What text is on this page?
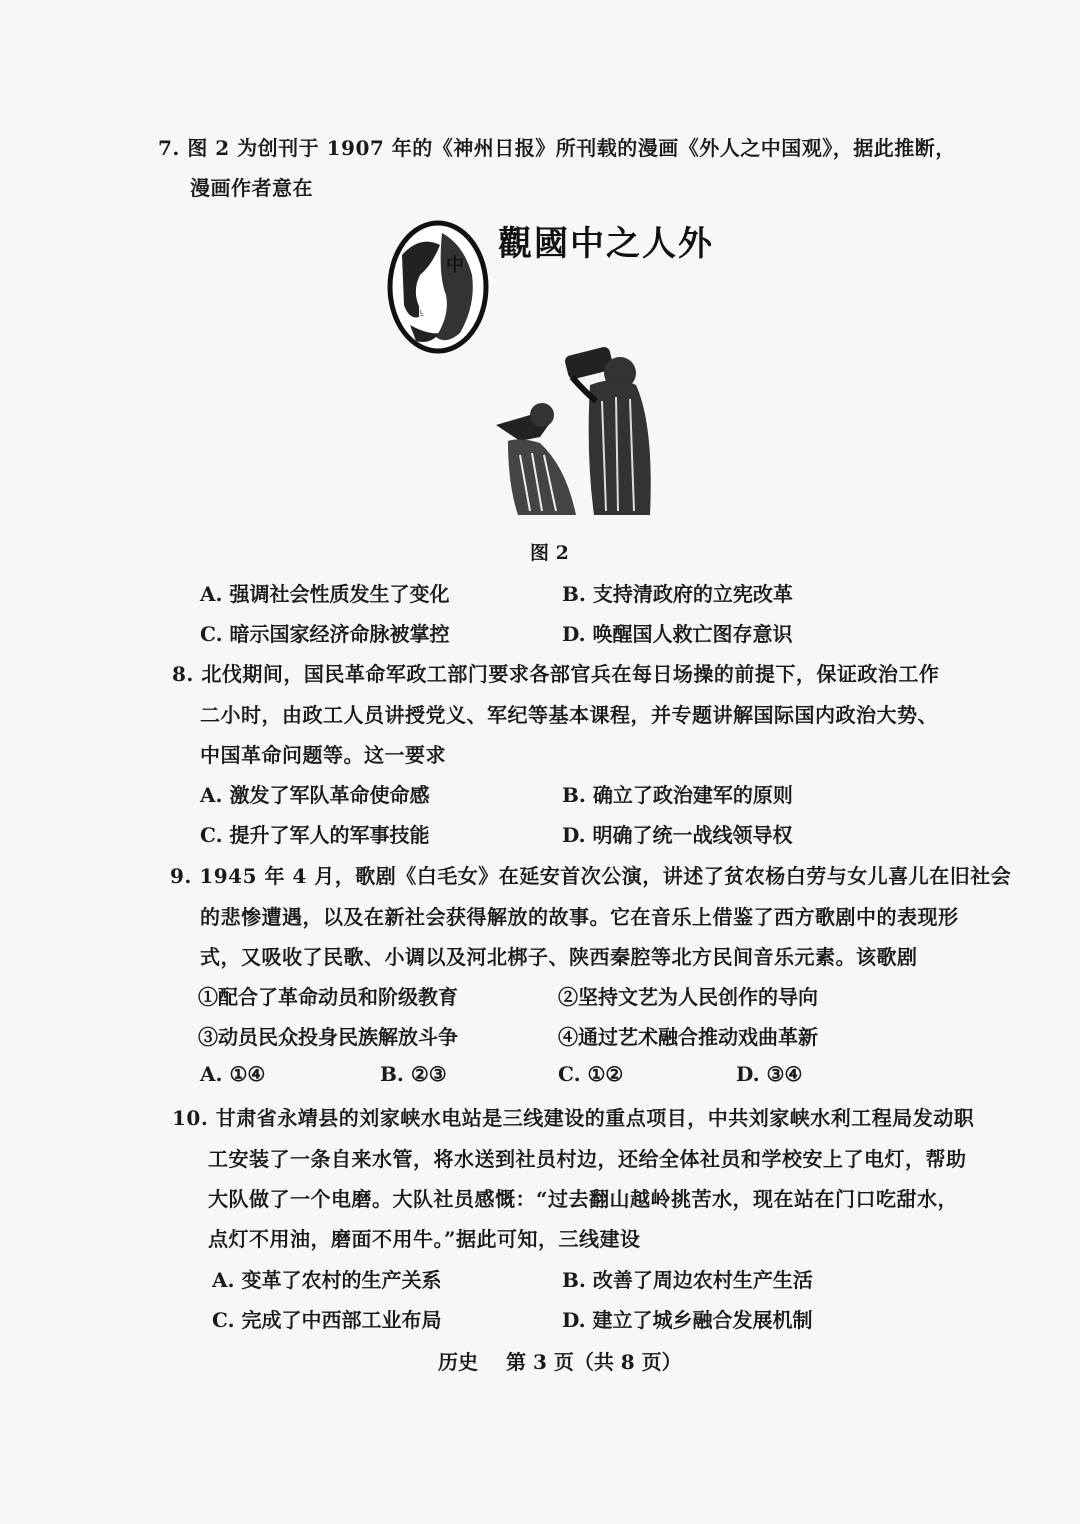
7. 图 2 为创刊于 1907 年的《神州日报》所刊载的漫画《外人之中国观》，据此推断，
漫画作者意在
中
國
觀國中之人外
图 2
A. 强调社会性质发生了变化	B. 支持清政府的立宪改革
C. 暗示国家经济命脉被掌控	D. 唤醒国人救亡图存意识
8. 北伐期间，国民革命军政工部门要求各部官兵在每日场操的前提下，保证政治工作
二小时，由政工人员讲授党义、军纪等基本课程，并专题讲解国际国内政治大势、
中国革命问题等。这一要求
A. 激发了军队革命使命感	B. 确立了政治建军的原则
C. 提升了军人的军事技能	D. 明确了统一战线领导权
9. 1945 年 4 月，歌剧《白毛女》在延安首次公演，讲述了贫农杨白劳与女儿喜儿在旧社会
的悲惨遭遇，以及在新社会获得解放的故事。它在音乐上借鉴了西方歌剧中的表现形
式，又吸收了民歌、小调以及河北梆子、陕西秦腔等北方民间音乐元素。该歌剧
①配合了革命动员和阶级教育	②坚持文艺为人民创作的导向
③动员民众投身民族解放斗争	④通过艺术融合推动戏曲革新
A. ①④	B. ②③	C. ①②	D. ③④
10. 甘肃省永靖县的刘家峡水电站是三线建设的重点项目，中共刘家峡水利工程局发动职
工安装了一条自来水管，将水送到社员村边，还给全体社员和学校安上了电灯，帮助
大队做了一个电磨。大队社员感慨：“过去翻山越岭挑苦水，现在站在门口吃甜水，
点灯不用油，磨面不用牛。”据此可知，三线建设
A. 变革了农村的生产关系	B. 改善了周边农村生产生活
C. 完成了中西部工业布局	D. 建立了城乡融合发展机制
历史 第 3 页（共 8 页）
